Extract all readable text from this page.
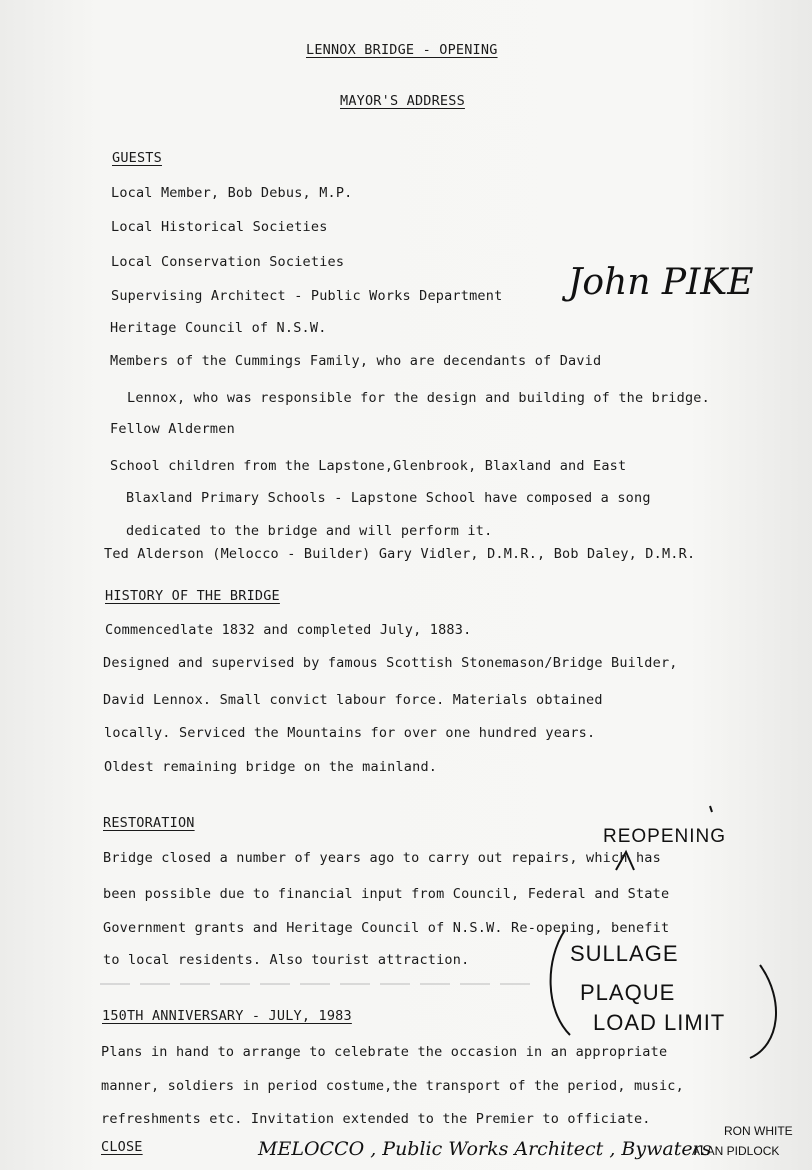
LENNOX BRIDGE - OPENING
MAYOR'S ADDRESS
GUESTS
Local Member, Bob Debus, M.P.
Local Historical Societies
Local Conservation Societies
Supervising Architect - Public Works Department
Heritage Council of N.S.W.
Members of the Cummings Family, who are decendants of David
Lennox, who was responsible for the design and building of the bridge.
Fellow Aldermen
School children from the Lapstone,Glenbrook, Blaxland and East
Blaxland Primary Schools - Lapstone School have composed a song
dedicated to the bridge and will perform it.
Ted Alderson (Melocco - Builder) Gary Vidler, D.M.R., Bob Daley, D.M.R.
HISTORY OF THE BRIDGE
Commencedlate 1832 and completed July, 1883.
Designed and supervised by famous Scottish Stonemason/Bridge Builder,
David Lennox. Small convict labour force. Materials obtained
locally. Serviced the Mountains for over one hundred years.
Oldest remaining bridge on the mainland.
RESTORATION
Bridge closed a number of years ago to carry out repairs, which has
been possible due to financial input from Council, Federal and State
Government grants and Heritage Council of N.S.W. Re-opening, benefit
to local residents. Also tourist attraction.
150TH ANNIVERSARY - JULY, 1983
Plans in hand to arrange to celebrate the occasion in an appropriate
manner, soldiers in period costume,the transport of the period, music,
refreshments etc. Invitation extended to the Premier to officiate.
CLOSE
John PIKE
REOPENING
SULLAGE
PLAQUE
LOAD LIMIT
MELOCCO , Public Works Architect , Bywaters
RON WHITE
ALAN PIDLOCK
